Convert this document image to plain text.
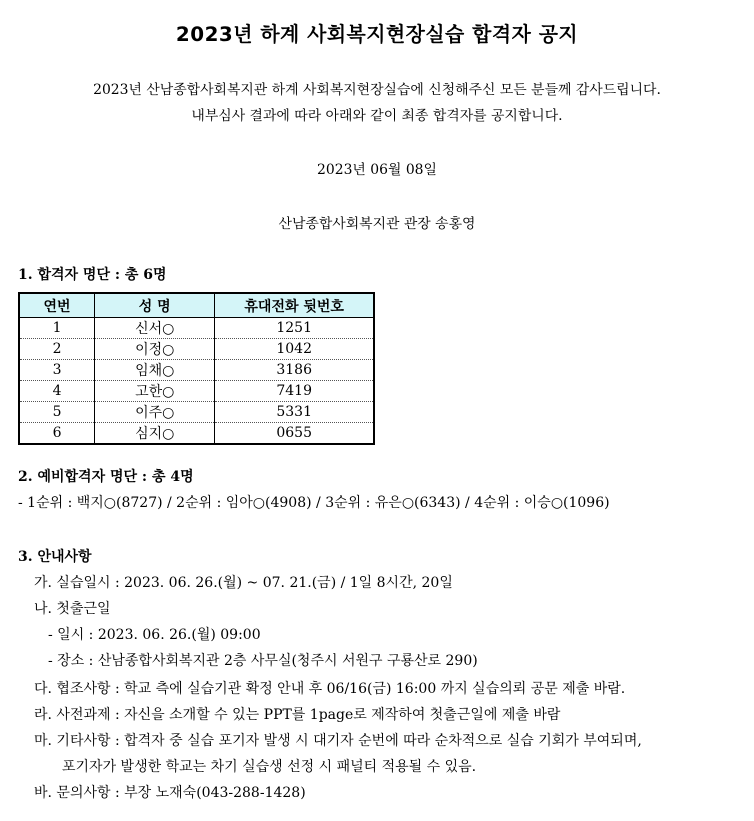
2023년 하계 사회복지현장실습 합격자 공지
2023년 산남종합사회복지관 하계 사회복지현장실습에 신청해주신 모든 분들께 감사드립니다.
내부심사 결과에 따라 아래와 같이 최종 합격자를 공지합니다.
2023년 06월 08일
산남종합사회복지관 관장 송홍영
1. 합격자 명단 : 총 6명
연번	성 명	휴대전화 뒷번호
1	신서○	1251
2	이정○	1042
3	임채○	3186
4	고한○	7419
5	이주○	5331
6	심지○	0655
2. 예비합격자 명단 : 총 4명
- 1순위 : 백지○(8727) / 2순위 : 임아○(4908) / 3순위 : 유은○(6343) / 4순위 : 이승○(1096)
3. 안내사항
가. 실습일시 : 2023. 06. 26.(월) ~ 07. 21.(금) / 1일 8시간, 20일
나. 첫출근일
- 일시 : 2023. 06. 26.(월) 09:00
- 장소 : 산남종합사회복지관 2층 사무실(청주시 서원구 구룡산로 290)
다. 협조사항 : 학교 측에 실습기관 확정 안내 후 06/16(금) 16:00 까지 실습의뢰 공문 제출 바람.
라. 사전과제 : 자신을 소개할 수 있는 PPT를 1page로 제작하여 첫출근일에 제출 바람
마. 기타사항 : 합격자 중 실습 포기자 발생 시 대기자 순번에 따라 순차적으로 실습 기회가 부여되며,
포기자가 발생한 학교는 차기 실습생 선정 시 패널티 적용될 수 있음.
바. 문의사항 : 부장 노재숙(043-288-1428)
